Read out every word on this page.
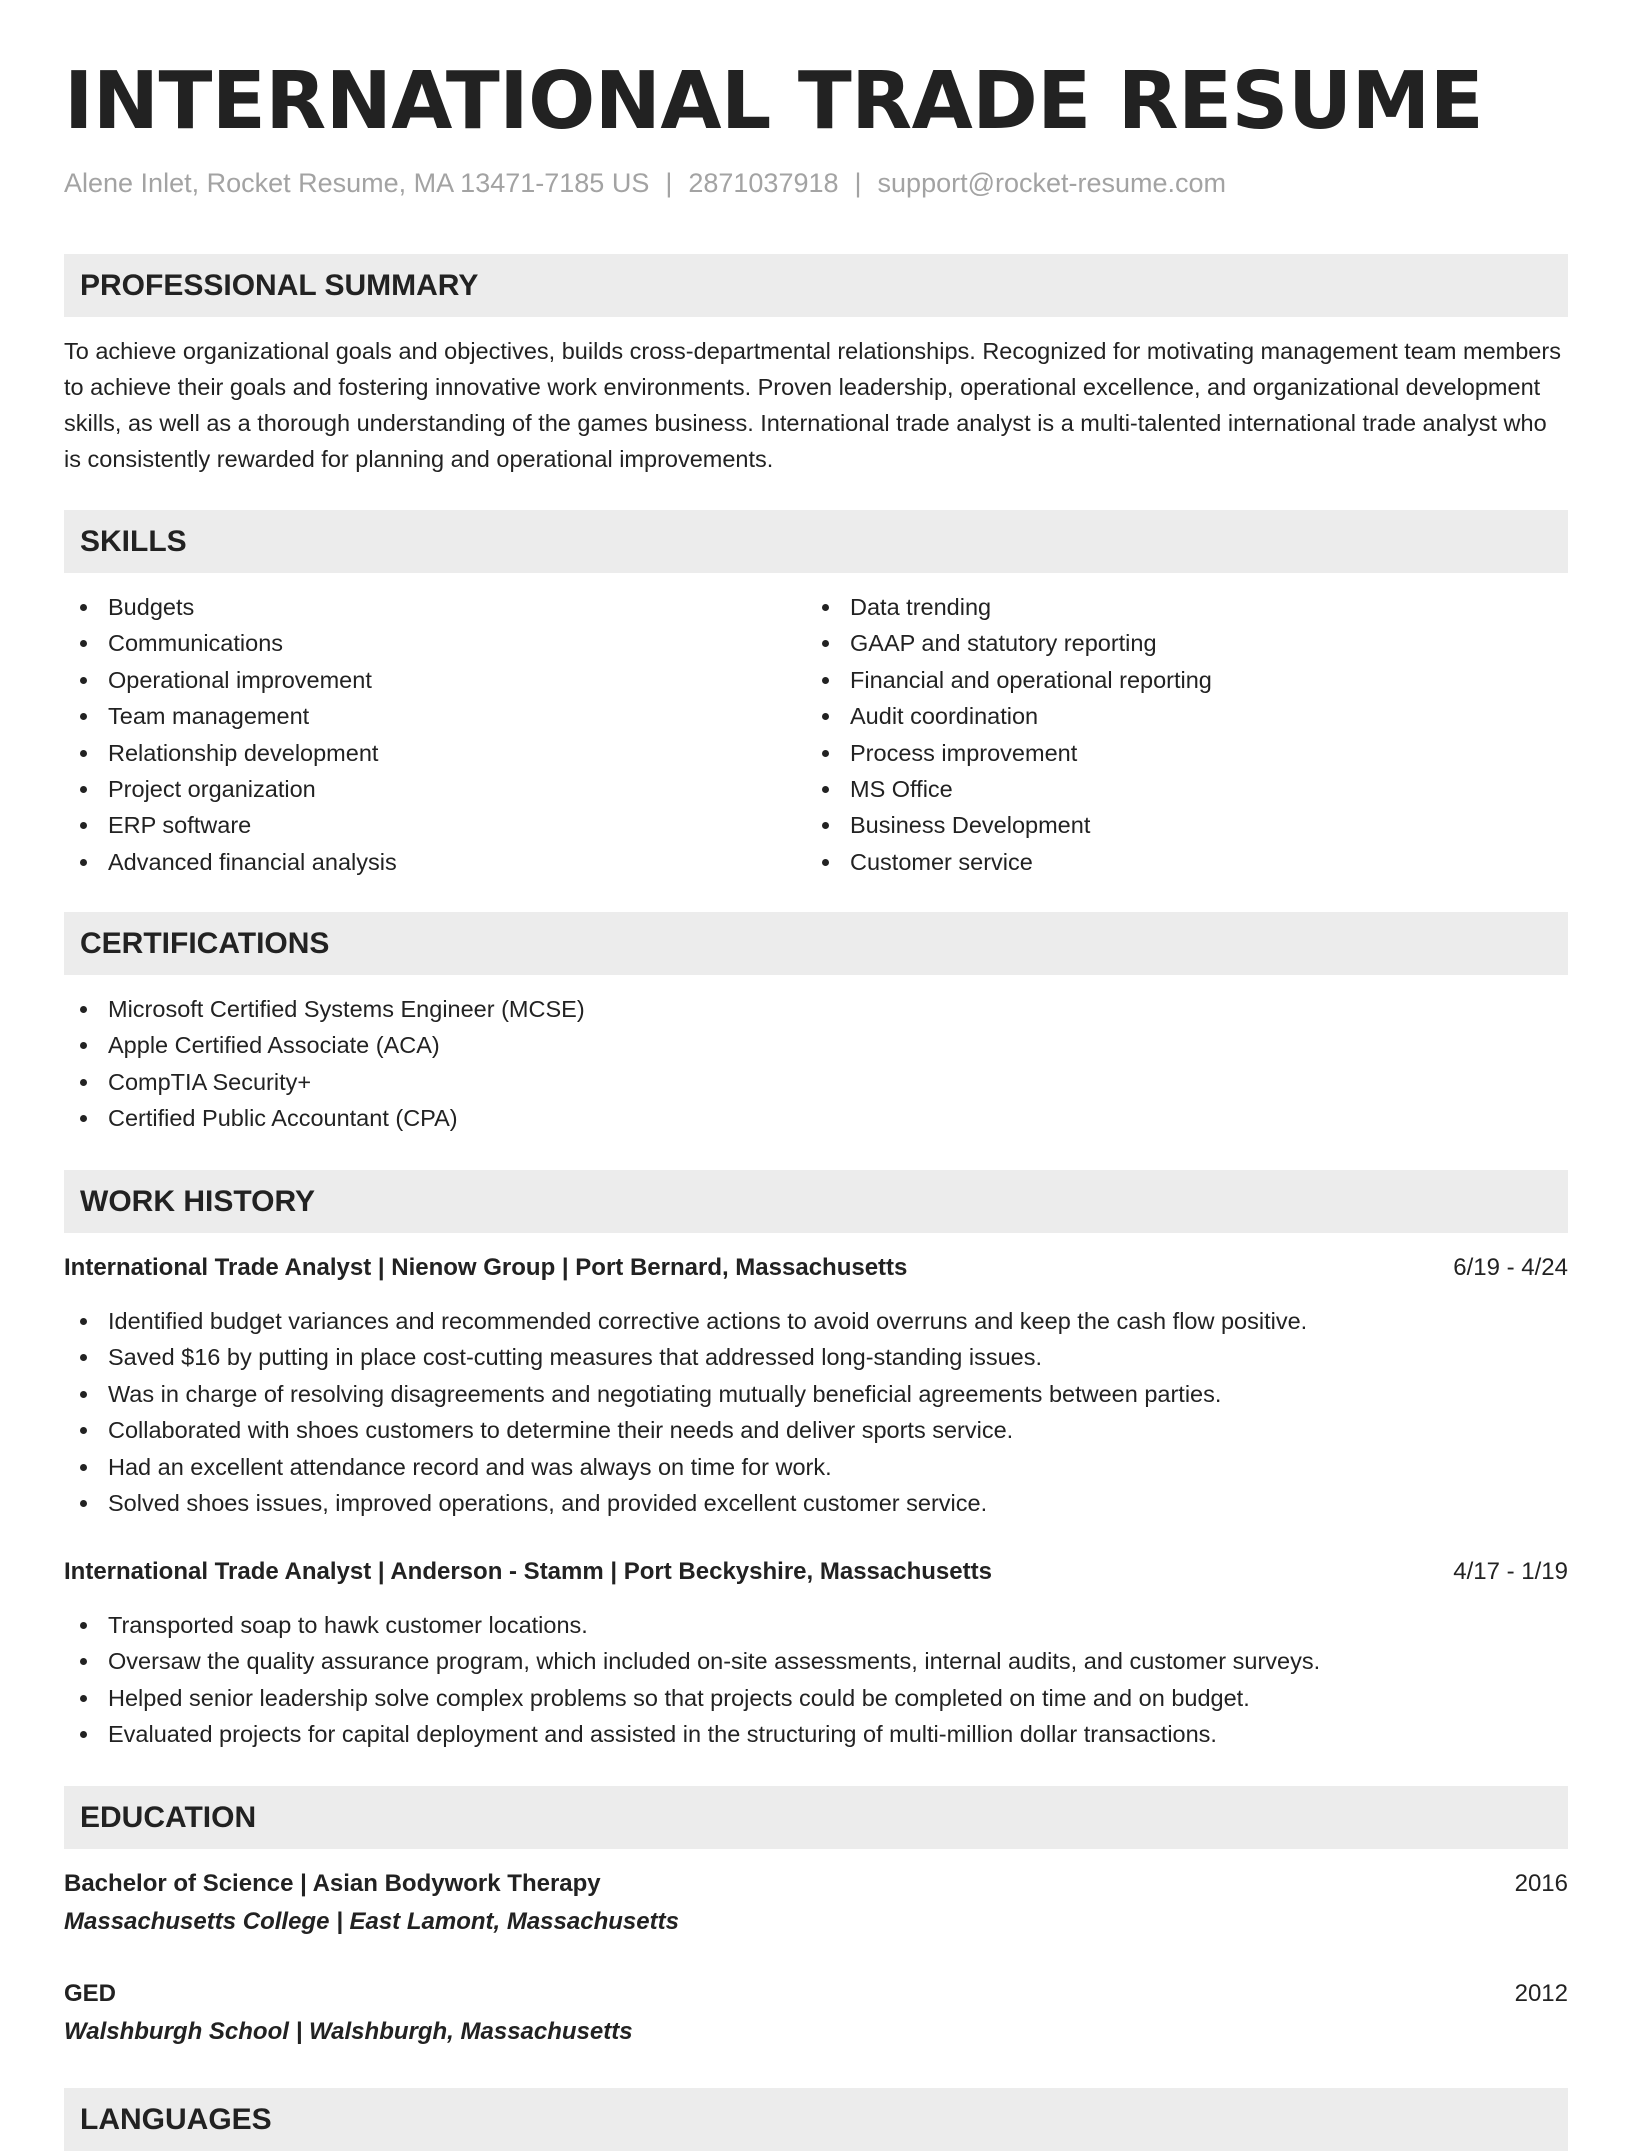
INTERNATIONAL TRADE RESUME
Alene Inlet, Rocket Resume, MA 13471-7185 US | 2871037918 | support@rocket-resume.com
PROFESSIONAL SUMMARY
To achieve organizational goals and objectives, builds cross-departmental relationships. Recognized for motivating management team members to achieve their goals and fostering innovative work environments. Proven leadership, operational excellence, and organizational development skills, as well as a thorough understanding of the games business. International trade analyst is a multi-talented international trade analyst who is consistently rewarded for planning and operational improvements.
SKILLS
Budgets
Communications
Operational improvement
Team management
Relationship development
Project organization
ERP software
Advanced financial analysis
Data trending
GAAP and statutory reporting
Financial and operational reporting
Audit coordination
Process improvement
MS Office
Business Development
Customer service
CERTIFICATIONS
Microsoft Certified Systems Engineer (MCSE)
Apple Certified Associate (ACA)
CompTIA Security+
Certified Public Accountant (CPA)
WORK HISTORY
International Trade Analyst | Nienow Group | Port Bernard, Massachusetts	6/19 - 4/24
Identified budget variances and recommended corrective actions to avoid overruns and keep the cash flow positive.
Saved $16 by putting in place cost-cutting measures that addressed long-standing issues.
Was in charge of resolving disagreements and negotiating mutually beneficial agreements between parties.
Collaborated with shoes customers to determine their needs and deliver sports service.
Had an excellent attendance record and was always on time for work.
Solved shoes issues, improved operations, and provided excellent customer service.
International Trade Analyst | Anderson - Stamm | Port Beckyshire, Massachusetts	4/17 - 1/19
Transported soap to hawk customer locations.
Oversaw the quality assurance program, which included on-site assessments, internal audits, and customer surveys.
Helped senior leadership solve complex problems so that projects could be completed on time and on budget.
Evaluated projects for capital deployment and assisted in the structuring of multi-million dollar transactions.
EDUCATION
Bachelor of Science | Asian Bodywork Therapy	2016
Massachusetts College | East Lamont, Massachusetts
GED	2012
Walshburgh School | Walshburgh, Massachusetts
LANGUAGES
